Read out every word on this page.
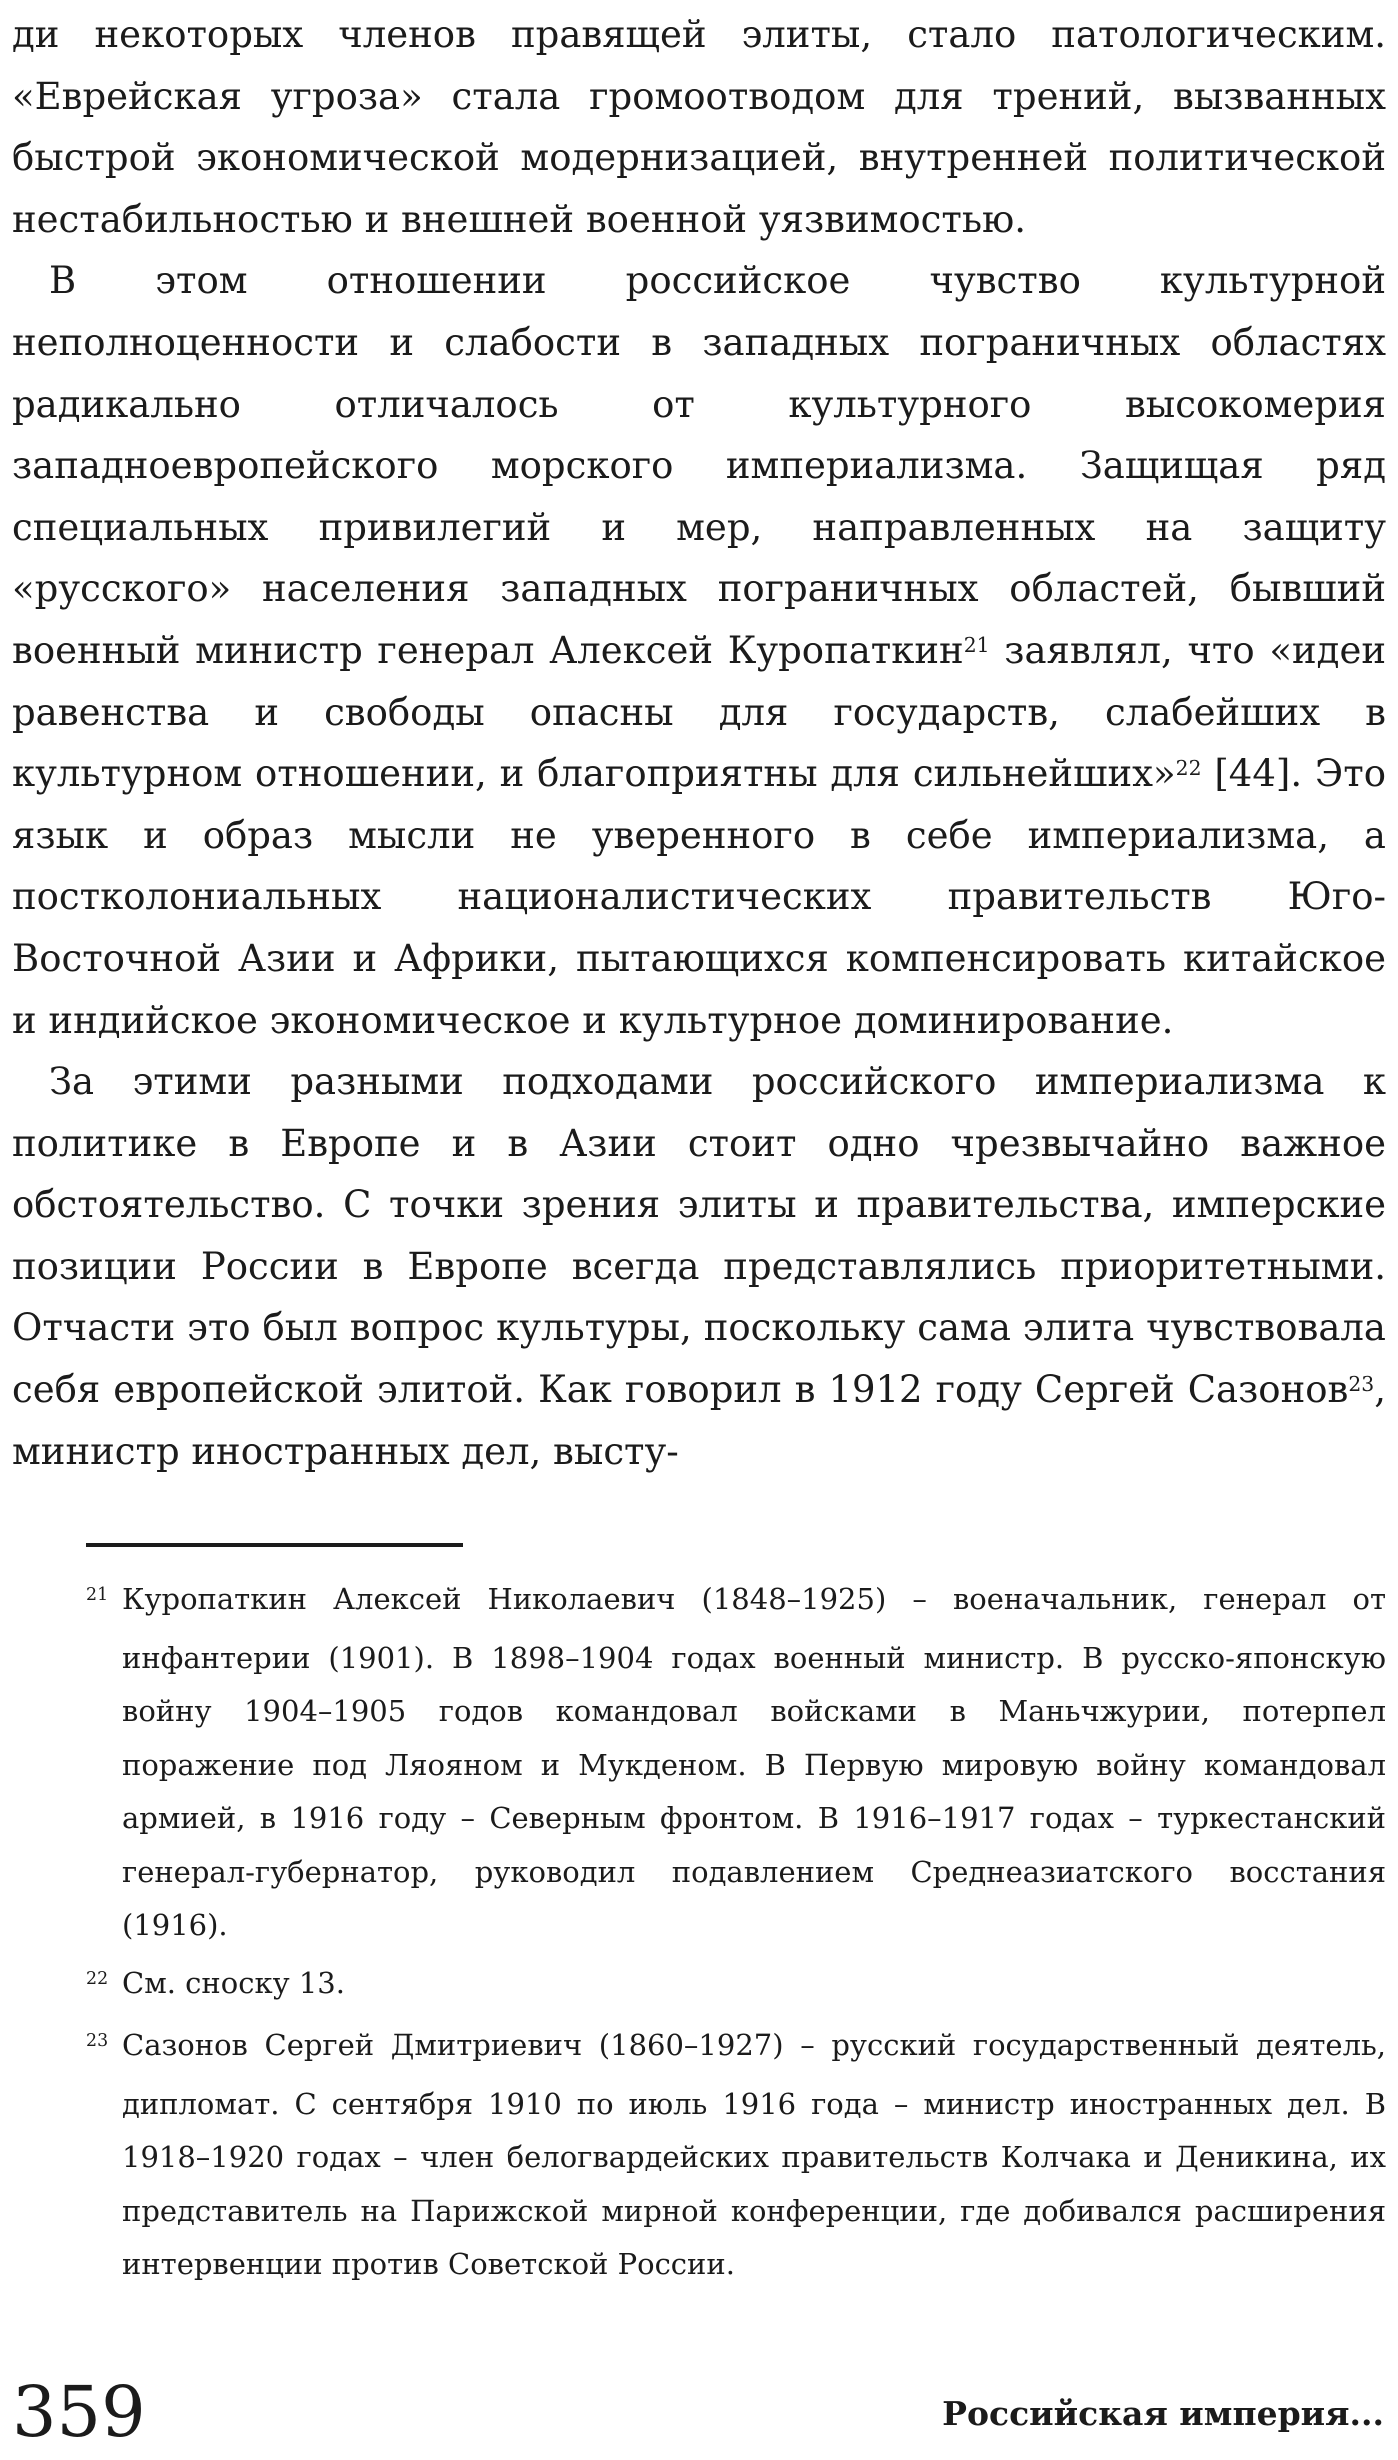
ди некоторых членов правящей элиты, стало патологическим. «Еврейская угроза» стала громоотводом для трений, вызванных быстрой экономической модернизацией, внутренней политической нестабильностью и внешней военной уязвимостью.

В этом отношении российское чувство культурной неполноценности и слабости в западных пограничных областях радикально отличалось от культурного высокомерия западноевропейского морского империализма. Защищая ряд специальных привилегий и мер, направленных на защиту «русского» населения западных пограничных областей, бывший военный министр генерал Алексей Куропаткин$^{21}$ заявлял, что «идеи равенства и свободы опасны для государств, слабейших в культурном отношении, и благоприятны для сильнейших»$^{22}$ [44]. Это язык и образ мысли не уверенного в себе империализма, а постколониальных националистических правительств Юго-Восточной Азии и Африки, пытающихся компенсировать китайское и индийское экономическое и культурное доминирование.

За этими разными подходами российского империализма к политике в Европе и в Азии стоит одно чрезвычайно важное обстоятельство. С точки зрения элиты и правительства, имперские позиции России в Европе всегда представлялись приоритетными. Отчасти это был вопрос культуры, поскольку сама элита чувствовала себя европейской элитой. Как говорил в 1912 году Сергей Сазонов$^{23}$, министр иностранных дел, высту-

21 Куропаткин Алексей Николаевич (1848–1925) – военачальник, генерал от инфантерии (1901). В 1898–1904 годах военный министр. В русско-японскую войну 1904–1905 годов командовал войсками в Маньчжурии, потерпел поражение под Ляояном и Мукденом. В Первую мировую войну командовал армией, в 1916 году – Северным фронтом. В 1916–1917 годах – туркестанский генерал-губернатор, руководил подавлением Среднеазиатского восстания (1916).

22 См. сноску 13.

23 Сазонов Сергей Дмитриевич (1860–1927) – русский государственный деятель, дипломат. С сентября 1910 по июль 1916 года – министр иностранных дел. В 1918–1920 годах – член белогвардейских правительств Колчака и Деникина, их представитель на Парижской мирной конференции, где добивался расширения интервенции против Советской России.

359	Российская империя...
